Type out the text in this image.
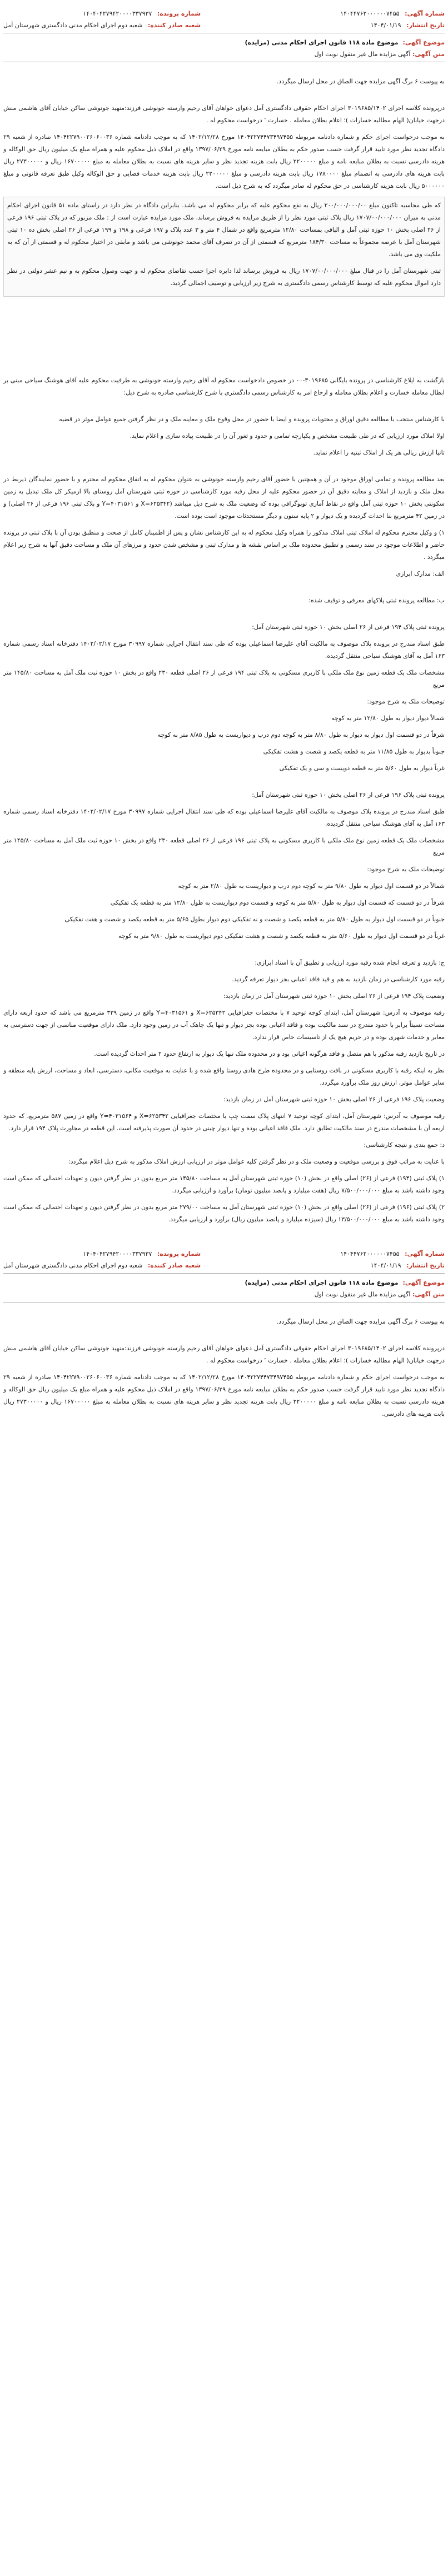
شماره آگهی: ۱۴۰۴۴۷۶۲۰۰۰۰۰۰۷۴۵۵
تاریخ انتشار: ۱۴۰۴/۰۱/۱۹
شماره پرونده: ۱۴۰۴۰۴۲۷۹۴۲۰۰۰۰۳۳۷۹۳۷
شعبه صادر کننده: شعبه دوم اجرای احکام مدنی دادگستری شهرستان آمل

موضوع آگهی: موضوع ماده ۱۱۸ قانون اجرای احکام مدنی (مزایده)

متن آگهی: آگهی مزایده مال غیر منقول نوبت اول

به پیوست ۶ برگ آگهی مزایده جهت الصاق در محل ارسال میگردد.

درپرونده کلاسه اجرای ۳۰۱۹۶۸۵/۱۴۰۲ اجرای احکام حقوقی دادگستری آمل دعوای خواهان آقای رحیم وارسته جونوشی فرزند:منهید جونوشی ساکن خیابان آقای هاشمی منش درجهت خیابان( الهام مطالبه خسارات )؛ اعلام بطلان معامله . خسارت ٬ درخواست محکوم له .

به موجب درخواست اجرای حکم و شماره دادنامه مربوطه ۱۴۰۴۲۲۷۴۴۷۳۴۹۷۴۵۵ مورخ ۱۴۰۲/۱۲/۲۸ که به موجب دادنامه شماره ۱۴۰۴۲۲۷۹۰۰۲۶۰۶۰۰۳۶ صادره از شعبه ۲۹ دادگاه تجدید نظر مورد تایید قرار گرفت حسب صدور حکم به بطلان مبایعه نامه مورخ ۱۳۹۷/۰۶/۲۹ واقع در املاک ذیل محکوم علیه و همراه مبلغ یک میلیون ریال حق الوکاله و هزینه دادرسی نسبت به بطلان مبایعه نامه و مبلغ ۲۲۰۰۰۰۰ ریال بابت هزینه تجدید نظر و سایر هزینه های نسبت به بطلان معامله به مبلغ ۱۶۷۰۰۰۰۰ ریال و ۲۷۳۰۰۰۰۰ ریال بابت هزینه های دادرسی به انضمام مبلغ ۱۷۸۰۰۰۰ ریال بابت هزینه دادرسی و مبلغ ۲۲۰۰۰۰۰ ریال بابت هزینه خدمات قضایی و حق الوکاله وکیل طبق تعرفه قانونی و مبلغ ۵۰۰۰۰۰۰ ریال بابت هزینه کارشناسی در حق محکوم له صادر میگردد که به شرح ذیل است.

که طی محاسبه تاکنون مبلغ ۲۰۰/۰۰۰/۰۰۰/۰۰ ریال به نفع محکوم علیه که برابر محکوم له می باشد. بنابراین دادگاه در نظر دارد در راستای ماده ۵۱ قانون اجرای احکام مدنی به میزان ۱۷۰۷/۰۰/۰۰۰/۰۰۰ ریال پلاک ثبتی مورد نظر را از طریق مزایده به فروش برساند. ملک مورد مزایده عبارت است از : ملک مزبور که در پلاک ثبتی ۱۹۶ فرعی از ۲۶ اصلی بخش ۱۰ حوزه ثبتی آمل و الباقی بمساحت ۱۲/۸۰ مترمربع واقع در شمال ۴ متر و ۳ عدد پلاک و ۱۹۷ فرعی و ۱۹۸ و ۱۹۹ فرعی از ۲۶ اصلی بخش ده ۱۰ ثبتی شهرستان آمل با عرصه مجموعاً به مساحت ۱۸۴/۳۰ مترمربع که قسمتی از آن در تصرف آقای محمد جونوشی می باشد و مابقی در اختیار محکوم له و قسمتی از آن که به ملکیت وی می باشد.

ثبتی شهرستان آمل را در قبال مبلغ ۱۷۰۷/۰۰/۰۰۰/۰۰۰ ریال به فروش برساند لذا دایره اجرا حسب تقاضای محکوم له و جهت وصول محکوم به و نیم عشر دولتی در نظر دارد اموال محکوم علیه که توسط کارشناس رسمی دادگستری به شرح زیر ارزیابی و توصیف اجمالی گردید.

بازگشت به ایلاغ کارشناسی در پرونده بایگانی ۳۰۱۹۶۸۵-۰۰ در خصوص دادخواست محکوم له آقای رحیم وارسته جونوشی به طرفیت محکوم علیه آقای هوشنگ سیاحی مبنی بر ابطال معامله خسارت و اعلام بطلان معامله و ارجاع امر به کارشناس رسمی دادگستری با شرح کارشناسی صادره به شرح ذیل:

با کارشناس منتخب با مطالعه دقیق اوراق و محتویات پرونده و ایضا با حضور در محل وقوع ملک و معاینه ملک و در نظر گرفتن جمیع عوامل موثر در قضیه

اولا املاک مورد ارزیابی که در طی طبیعت مشخص و یکپارچه تمامی و حدود و ثغور آن را در طبیعت پیاده سازی و اعلام نماید.

ثانیا ارزش ریالی هر یک از املاک ثبتیه را اعلام نماید.

بعد مطالعه پرونده و تمامی اوراق موجود در آن و همچنین با حضور آقای رحیم وارسته جونوشی به عنوان محکوم له به اتفاق محکوم له محترم و با حضور نمایندگان ذیربط در محل ملک و بازدید از املاک و معاینه دقیق آن در حضور محکوم علیه از محل رقبه مورد کارشناسی در حوزه ثبتی شهرستان آمل روستای بالا ارمیکر کل ملک تبدیل به زمین سکونتی بخش ۱۰ حوزه ثبتی آمل واقع در نقاط آماری توپوگرافی بوده که وضعیت ملک به شرح ذیل میباشد (X=۶۲۵۳۴۲ و Y=۴۰۳۱۵۶۱ و پلاک ثبتی ۱۹۶ فرعی از ۲۶ اصلی) و در زمین ۴۲ مترمربع بنا احداث گردیده و یک دیوار و ۲ پایه ستون و دیگر مستحدثات موجود است بوده است.

۱) و وکیل محترم محکوم له املاک ثبتی املاک مذکور را همراه وکیل محکوم له به این کارشناس نشان و پس از اطمینان کامل از صحت و منطبق بودن آن با پلاک ثبتی در پرونده حاضر و اطلاعات موجود در سند رسمی و تطبیق محدوده ملک بر اساس نقشه ها و مدارک ثبتی و مشخص شدن حدود و مرزهای آن ملک و مساحت دقیق آنها به شرح زیر اعلام میگردد .

الف: مدارک ابرازی

ب: مطالعه پرونده ثبتی پلاکهای معرفی و توقیف شده:

پرونده ثبتی پلاک ۱۹۴ فرعی از ۲۶ اصلی بخش ۱۰ حوزه ثبتی شهرستان آمل:

طبق اسناد مندرج در پرونده پلاک موصوف به مالکیت آقای علیرضا اسماعیلی بوده که طی سند انتقال اجرایی شماره ۳۰۹۹۷ مورخ ۱۴۰۲/۰۲/۱۷ دفترخانه اسناد رسمی شماره ۱۶۳ آمل به آقای هوشنگ سیاحی منتقل گردیده.

مشخصات ملک یک قطعه زمین نوع ملک ملکی با کاربری مسکونی به پلاک ثبتی ۱۹۴ فرعی از ۲۶ اصلی قطعه ۲۳۰ واقع در بخش ۱۰ حوزه ثبت ملک آمل به مساحت ۱۴۵/۸۰ متر مربع

توضیحات ملک به شرح موجود:

شمالاً دیوار دیوار به طول ۱۲/۸۰ متر به کوچه

شرقاً در دو قسمت اول دیوار به دیوار به طول ۸/۸۰ متر به کوچه دوم درب و دیواریست به طول ۸/۸۵ متر به کوچه

جنوباً بدیوار به طول ۱۱/۸۵ متر به قطعه یکصد و شصت و هشت تفکیکی

غرباً دیوار به طول ۵/۶۰ متر به قطعه دویست و سی و یک تفکیکی

پرونده ثبتی پلاک ۱۹۶ فرعی از ۲۶ اصلی بخش ۱۰ حوزه ثبتی شهرستان آمل:

طبق اسناد مندرج در پرونده پلاک موصوف به مالکیت آقای علیرضا اسماعیلی بوده که طی سند انتقال اجرایی شماره ۳۰۹۹۷ مورخ ۱۴۰۲/۰۲/۱۷ دفترخانه اسناد رسمی شماره ۱۶۳ آمل به آقای هوشنگ سیاحی منتقل گردیده.

مشخصات ملک یک قطعه زمین نوع ملک ملکی با کاربری مسکونی به پلاک ثبتی ۱۹۶ فرعی از ۲۶ اصلی قطعه ۲۳۰ واقع در بخش ۱۰ حوزه ثبت ملک آمل به مساحت ۱۴۵/۸۰ متر مربع

توضیحات ملک به شرح موجود:

شمالاً در دو قسمت اول دیوار به طول ۹/۸۰ متر به کوچه دوم درب و دیواریست به طول ۲/۸۰ متر به کوچه

شرقاً در دو قسمت که قسمت اول دیوار به طول ۵/۸۰ متر به کوچه و قسمت دوم دیواریست به طول ۱۲/۸۰ متر به قطعه یک تفکیکی

جنوباً در دو قسمت اول دیوار به طول ۵/۸۰ متر به قطعه یکصد و شصت و نه تفکیکی دوم دیوار بطول ۵/۶۵ متر به قطعه یکصد و شصت و هفت تفکیکی

غرباً در دو قسمت اول دیوار به طول ۵/۶۰ متر به قطعه یکصد و شصت و هشت تفکیکی دوم دیواریست به طول ۹/۸۰ متر به کوچه

ج: بازدید و تعرفه انجام شده رقبه مورد ارزیابی و تطبیق آن با اسناد ابرازی:

رقبه مورد کارشناسی در زمان بازدید به هم و قید فاقد اعیانی بجز دیوار تعرفه گردید.

وضعیت پلاک ۱۹۴ فرعی از ۲۶ اصلی بخش ۱۰ حوزه ثبتی شهرستان آمل در زمان بازدید:

رقبه موصوف به آدرس: شهرستان آمل، ابتدای کوچه توحید ۷ با مختصات جغرافیایی X=۶۲۵۳۴۲ و Y=۴۰۳۱۵۶۱ واقع در زمین ۳۳۹ مترمربع می باشد که حدود اربعه دارای مساحت نسبتاً برابر با حدود مندرج در سند مالکیت بوده و فاقد اعیانی بوده بجز دیوار و تنها یک چاهک آب در زمین وجود دارد. ملک دارای موقعیت مناسبی از جهت دسترسی به معابر و خدمات شهری بوده و در حریم هیچ یک از تاسیسات خاص قرار ندارد.

در تاریخ بازدید رقبه مذکور با هم متصل و فاقد هرگونه اعیانی بود و در محدوده ملک تنها یک دیوار به ارتفاع حدود ۲ متر احداث گردیده است.

نظر به اینکه رقبه با کاربری مسکونی در بافت روستایی و در محدوده طرح هادی روستا واقع شده و با عنایت به موقعیت مکانی، دسترسی، ابعاد و مساحت، ارزش پایه منطقه و سایر عوامل موثر، ارزش روز ملک برآورد میگردد.

وضعیت پلاک ۱۹۶ فرعی از ۲۶ اصلی بخش ۱۰ حوزه ثبتی شهرستان آمل در زمان بازدید:

رقبه موصوف به آدرس: شهرستان آمل، ابتدای کوچه توحید ۷ انتهای پلاک سمت چپ با مختصات جغرافیایی X=۶۲۵۳۴۲ و Y=۴۰۳۱۵۶۴ واقع در زمین ۵۸۷ مترمربع، که حدود اربعه آن با مشخصات مندرج در سند مالکیت تطابق دارد. ملک فاقد اعیانی بوده و تنها دیوار چینی در حدود آن صورت پذیرفته است. این قطعه در مجاورت پلاک ۱۹۴ قرار دارد.

د: جمع بندی و نتیجه کارشناسی:

با عنایت به مراتب فوق و بررسی موقعیت و وضعیت ملک و در نظر گرفتن کلیه عوامل موثر در ارزیابی ارزش املاک مذکور به شرح ذیل اعلام میگردد:

۱) پلاک ثبتی (۱۹۴) فرعی از (۲۶) اصلی واقع در بخش (۱۰) حوزه ثبتی شهرستان آمل به مساحت ۱۴۵/۸۰ متر مربع بدون در نظر گرفتن دیون و تعهدات احتمالی که ممکن است وجود داشته باشد به مبلغ ۷/۵۰۰/۰۰۰/۰۰۰ ریال (هفت میلیارد و پانصد میلیون تومان) برآورد و ارزیابی میگردد.

۲) پلاک ثبتی (۱۹۶) فرعی از (۲۶) اصلی واقع در بخش (۱۰) حوزه ثبتی شهرستان آمل به مساحت ۲۷۹/۰۰ متر مربع بدون در نظر گرفتن دیون و تعهدات احتمالی که ممکن است وجود داشته باشد به مبلغ ۱۳/۵۰۰/۰۰۰/۰۰۰ ریال (سیزده میلیارد و پانصد میلیون ریال) برآورد و ارزیابی میگردد.

شماره آگهی: ۱۴۰۴۴۷۶۲۰۰۰۰۰۰۷۴۵۵
تاریخ انتشار: ۱۴۰۴/۰۱/۱۹
شماره پرونده: ۱۴۰۴۰۴۲۷۹۴۲۰۰۰۰۳۳۷۹۳۷
شعبه صادر کننده: شعبه دوم اجرای احکام مدنی دادگستری شهرستان آمل

موضوع آگهی: موضوع ماده ۱۱۸ قانون اجرای احکام مدنی (مزایده)

متن آگهی: آگهی مزایده مال غیر منقول نوبت اول

به پیوست ۶ برگ آگهی مزایده جهت الصاق در محل ارسال میگردد.

درپرونده کلاسه اجرای ۳۰۱۹۶۸۵/۱۴۰۲ اجرای احکام حقوقی دادگستری آمل دعوای خواهان آقای رحیم وارسته جونوشی فرزند:منهید جونوشی ساکن خیابان آقای هاشمی منش درجهت خیابان( الهام مطالبه خسارات )؛ اعلام بطلان معامله . خسارت ٬ درخواست محکوم له .

به موجب درخواست اجرای حکم و شماره دادنامه مربوطه ۱۴۰۴۲۲۷۴۴۷۳۴۹۷۴۵۵ مورخ ۱۴۰۲/۱۲/۲۸ که به موجب دادنامه شماره ۱۴۰۴۲۲۷۹۰۰۲۶۰۶۰۰۳۶ صادره از شعبه ۲۹ دادگاه تجدید نظر مورد تایید قرار گرفت حسب صدور حکم به بطلان مبایعه نامه مورخ ۱۳۹۷/۰۶/۲۹ واقع در املاک ذیل محکوم علیه و همراه مبلغ یک میلیون ریال حق الوکاله و هزینه دادرسی نسبت به بطلان مبایعه نامه و مبلغ ۲۲۰۰۰۰۰ ریال بابت هزینه تجدید نظر و سایر هزینه های نسبت به بطلان معامله به مبلغ ۱۶۷۰۰۰۰۰ ریال و ۲۷۳۰۰۰۰۰ ریال بابت هزینه های دادرسی.
